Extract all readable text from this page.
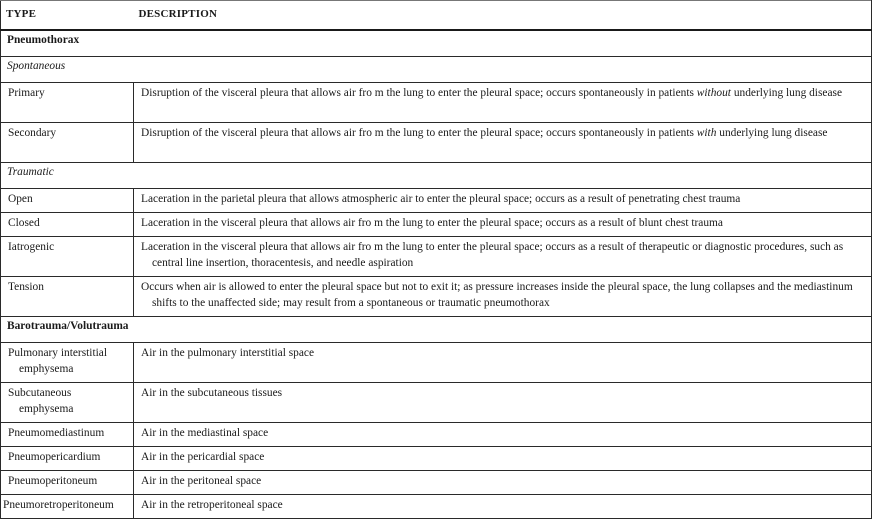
TYPE	DESCRIPTION
Pneumothorax	
Spontaneous	
Primary	Disruption of the visceral pleura that allows air fro m the lung to enter the pleural space; occurs spontaneously in patients without underlying lung disease
Secondary	Disruption of the visceral pleura that allows air fro m the lung to enter the pleural space; occurs spontaneously in patients with underlying lung disease
Traumatic	
Open	Laceration in the parietal pleura that allows atmospheric air to enter the pleural space; occurs as a result of penetrating chest trauma
Closed	Laceration in the visceral pleura that allows air fro m the lung to enter the pleural space; occurs as a result of blunt chest trauma
Iatrogenic	Laceration in the visceral pleura that allows air fro m the lung to enter the pleural space; occurs as a result of therapeutic or diagnostic procedures, such as central line insertion, thoracentesis, and needle aspiration
Tension	Occurs when air is allowed to enter the pleural space but not to exit it; as pressure increases inside the pleural space, the lung collapses and the mediastinum shifts to the unaffected side; may result from a spontaneous or traumatic pneumothorax
Barotrauma/Volutrauma	
Pulmonary interstitial emphysema	Air in the pulmonary interstitial space
Subcutaneous emphysema	Air in the subcutaneous tissues
Pneumomediastinum	Air in the mediastinal space
Pneumopericardium	Air in the pericardial space
Pneumoperitoneum	Air in the peritoneal space
Pneumoretroperitoneum	Air in the retroperitoneal space
